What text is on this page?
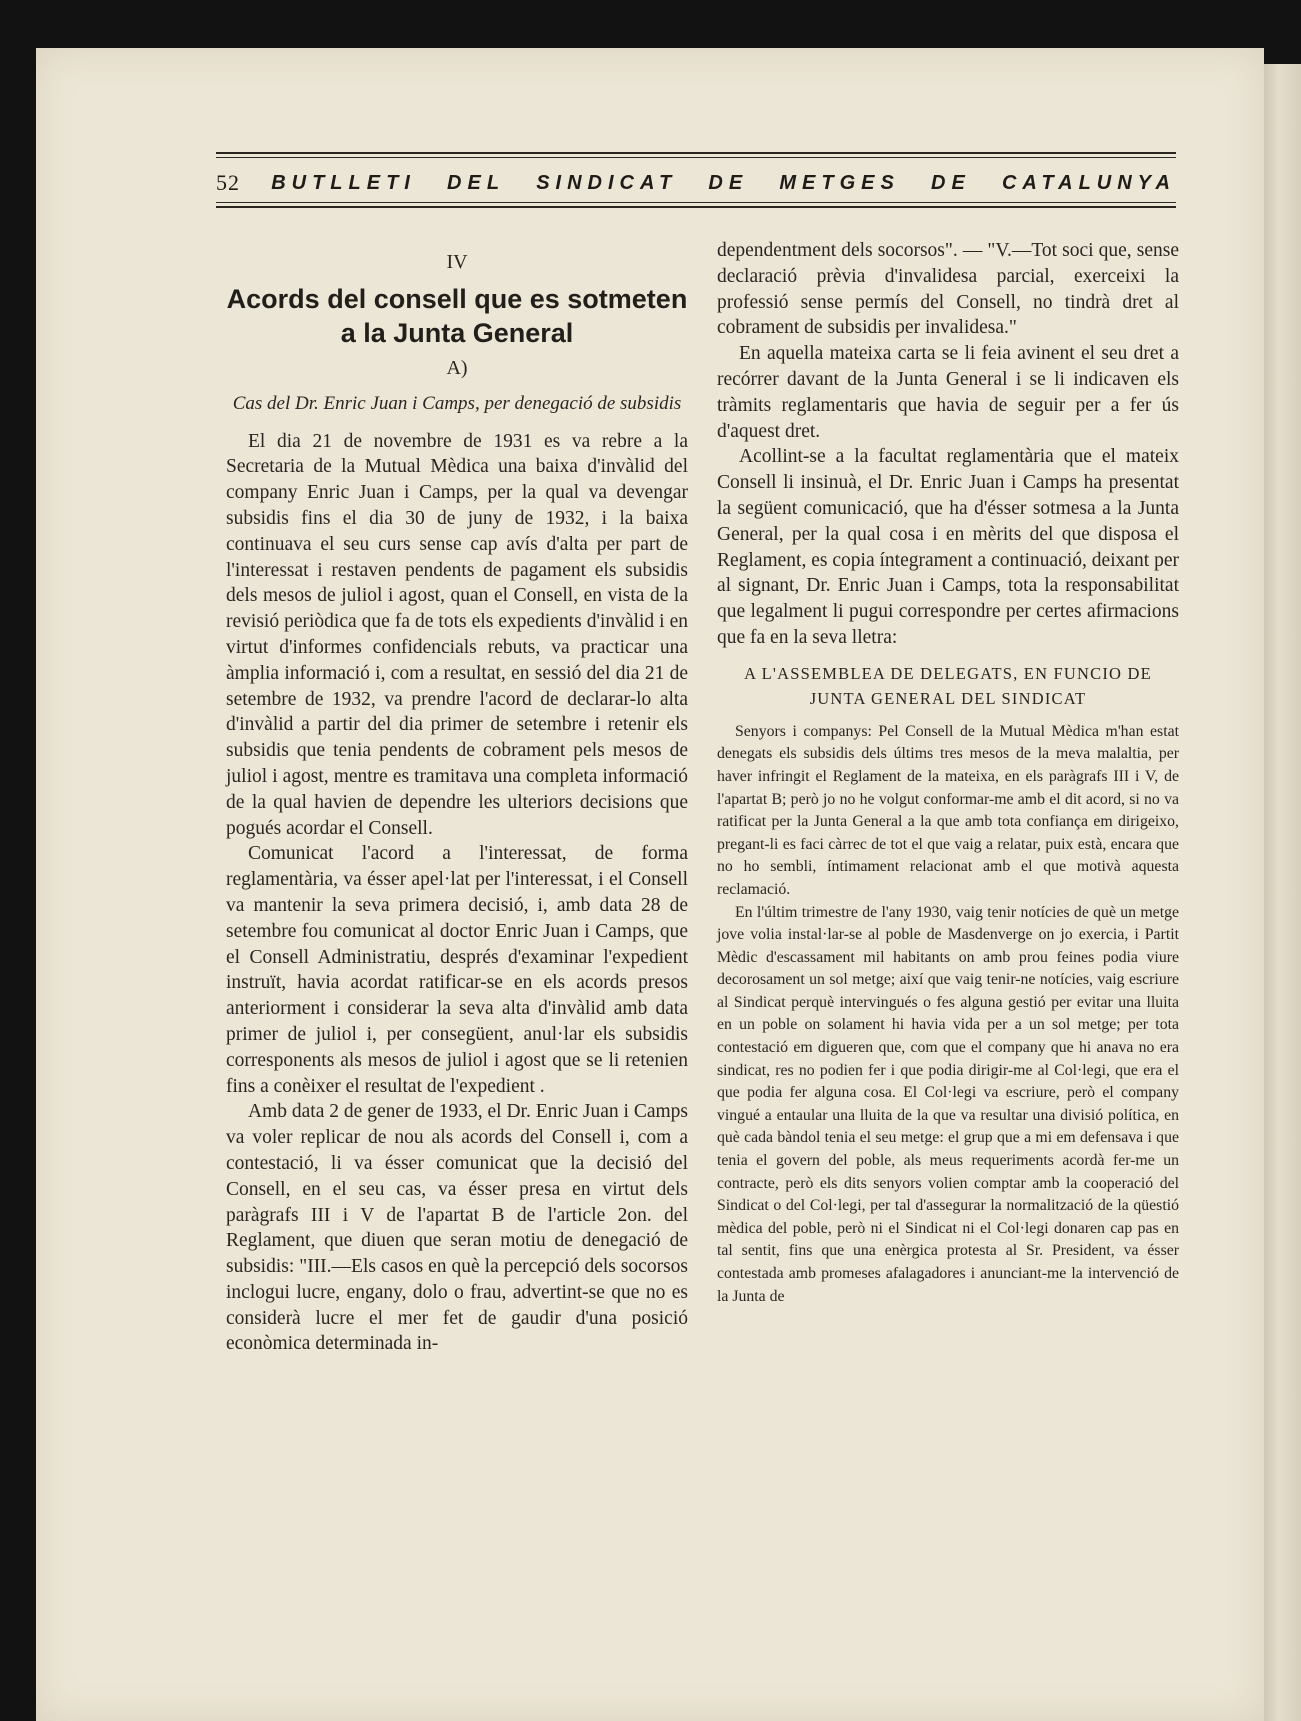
52 BUTLLETI DEL SINDICAT DE METGES DE CATALUNYA
IV
Acords del consell que es sotmeten
a la Junta General
A)
Cas del Dr. Enric Juan i Camps, per denegació de subsidis

El dia 21 de novembre de 1931 es va rebre a la Secretaria de la Mutual Mèdica una baixa d'invàlid del company Enric Juan i Camps, per la qual va devengar subsidis fins el dia 30 de juny de 1932, i la baixa continuava el seu curs sense cap avís d'alta per part de l'interessat i restaven pendents de pagament els subsidis dels mesos de juliol i agost, quan el Consell, en vista de la revisió periòdica que fa de tots els expedients d'invàlid i en virtut d'informes confidencials rebuts, va practicar una àmplia informació i, com a resultat, en sessió del dia 21 de setembre de 1932, va prendre l'acord de declarar-lo alta d'invàlid a partir del dia primer de setembre i retenir els subsidis que tenia pendents de cobrament pels mesos de juliol i agost, mentre es tramitava una completa informació de la qual havien de dependre les ulteriors decisions que pogués acordar el Consell.

Comunicat l'acord a l'interessat, de forma reglamentària, va ésser apel·lat per l'interessat, i el Consell va mantenir la seva primera decisió, i, amb data 28 de setembre fou comunicat al doctor Enric Juan i Camps, que el Consell Administratiu, després d'examinar l'expedient instruït, havia acordat ratificar-se en els acords presos anteriorment i considerar la seva alta d'invàlid amb data primer de juliol i, per consegüent, anul·lar els subsidis corresponents als mesos de juliol i agost que se li retenien fins a conèixer el resultat de l'expedient .

Amb data 2 de gener de 1933, el Dr. Enric Juan i Camps va voler replicar de nou als acords del Consell i, com a contestació, li va ésser comunicat que la decisió del Consell, en el seu cas, va ésser presa en virtut dels paràgrafs III i V de l'apartat B de l'article 2on. del Reglament, que diuen que seran motiu de denegació de subsidis: "III.—Els casos en què la percepció dels socorsos inclogui lucre, engany, dolo o frau, advertint-se que no es considerà lucre el mer fet de gaudir d'una posició econòmica determinada in-

dependentment dels socorsos". — "V.—Tot soci que, sense declaració prèvia d'invalidesa parcial, exerceixi la professió sense permís del Consell, no tindrà dret al cobrament de subsidis per invalidesa."

En aquella mateixa carta se li feia avinent el seu dret a recórrer davant de la Junta General i se li indicaven els tràmits reglamentaris que havia de seguir per a fer ús d'aquest dret.

Acollint-se a la facultat reglamentària que el mateix Consell li insinuà, el Dr. Enric Juan i Camps ha presentat la següent comunicació, que ha d'ésser sotmesa a la Junta General, per la qual cosa i en mèrits del que disposa el Reglament, es copia íntegrament a continuació, deixant per al signant, Dr. Enric Juan i Camps, tota la responsabilitat que legalment li pugui correspondre per certes afirmacions que fa en la seva lletra:

A L'ASSEMBLEA DE DELEGATS, EN FUNCIO DE JUNTA GENERAL DEL SINDICAT

Senyors i companys: Pel Consell de la Mutual Mèdica m'han estat denegats els subsidis dels últims tres mesos de la meva malaltia, per haver infringit el Reglament de la mateixa, en els paràgrafs III i V, de l'apartat B; però jo no he volgut conformar-me amb el dit acord, si no va ratificat per la Junta General a la que amb tota confiança em dirigeixo, pregant-li es faci càrrec de tot el que vaig a relatar, puix està, encara que no ho sembli, íntimament relacionat amb el que motivà aquesta reclamació.

En l'últim trimestre de l'any 1930, vaig tenir notícies de què un metge jove volia instal·lar-se al poble de Masdenverge on jo exercia, i Partit Mèdic d'escassament mil habitants on amb prou feines podia viure decorosament un sol metge; així que vaig tenir-ne notícies, vaig escriure al Sindicat perquè intervingués o fes alguna gestió per evitar una lluita en un poble on solament hi havia vida per a un sol metge; per tota contestació em digueren que, com que el company que hi anava no era sindicat, res no podien fer i que podia dirigir-me al Col·legi, que era el que podia fer alguna cosa. El Col·legi va escriure, però el company vingué a entaular una lluita de la que va resultar una divisió política, en què cada bàndol tenia el seu metge: el grup que a mi em defensava i que tenia el govern del poble, als meus requeriments acordà fer-me un contracte, però els dits senyors volien comptar amb la cooperació del Sindicat o del Col·legi, per tal d'assegurar la normalització de la qüestió mèdica del poble, però ni el Sindicat ni el Col·legi donaren cap pas en tal sentit, fins que una enèrgica protesta al Sr. President, va ésser contestada amb promeses afalagadores i anunciant-me la intervenció de la Junta de
